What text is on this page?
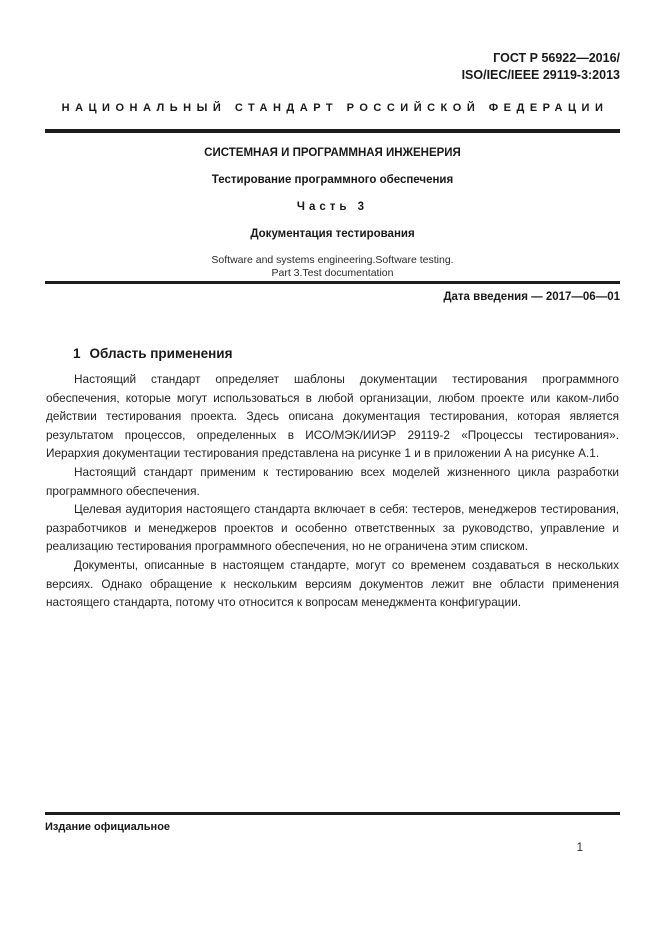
ГОСТ Р 56922—2016/
ISO/IEC/IEEE 29119-3:2013
НАЦИОНАЛЬНЫЙ СТАНДАРТ РОССИЙСКОЙ ФЕДЕРАЦИИ

СИСТЕМНАЯ И ПРОГРАММНАЯ ИНЖЕНЕРИЯ

Тестирование программного обеспечения

Часть 3

Документация тестирования

Software and systems engineering.Software testing.

Part 3.Test documentation

Дата введения — 2017—06—01
1 Область применения

Настоящий стандарт определяет шаблоны документации тестирования программного обеспечения, которые могут использоваться в любой организации, любом проекте или каком-либо действии тестирования проекта. Здесь описана документация тестирования, которая является результатом процессов, определенных в ИСО/МЭК/ИИЭР 29119-2 «Процессы тестирования». Иерархия документации тестирования представлена на рисунке 1 и в приложении А на рисунке А.1.

Настоящий стандарт применим к тестированию всех моделей жизненного цикла разработки программного обеспечения.

Целевая аудитория настоящего стандарта включает в себя: тестеров, менеджеров тестирования, разработчиков и менеджеров проектов и особенно ответственных за руководство, управление и реализацию тестирования программного обеспечения, но не ограничена этим списком.

Документы, описанные в настоящем стандарте, могут со временем создаваться в нескольких версиях. Однако обращение к нескольким версиям документов лежит вне области применения настоящего стандарта, потому что относится к вопросам менеджмента конфигурации.

Издание официальное
1
